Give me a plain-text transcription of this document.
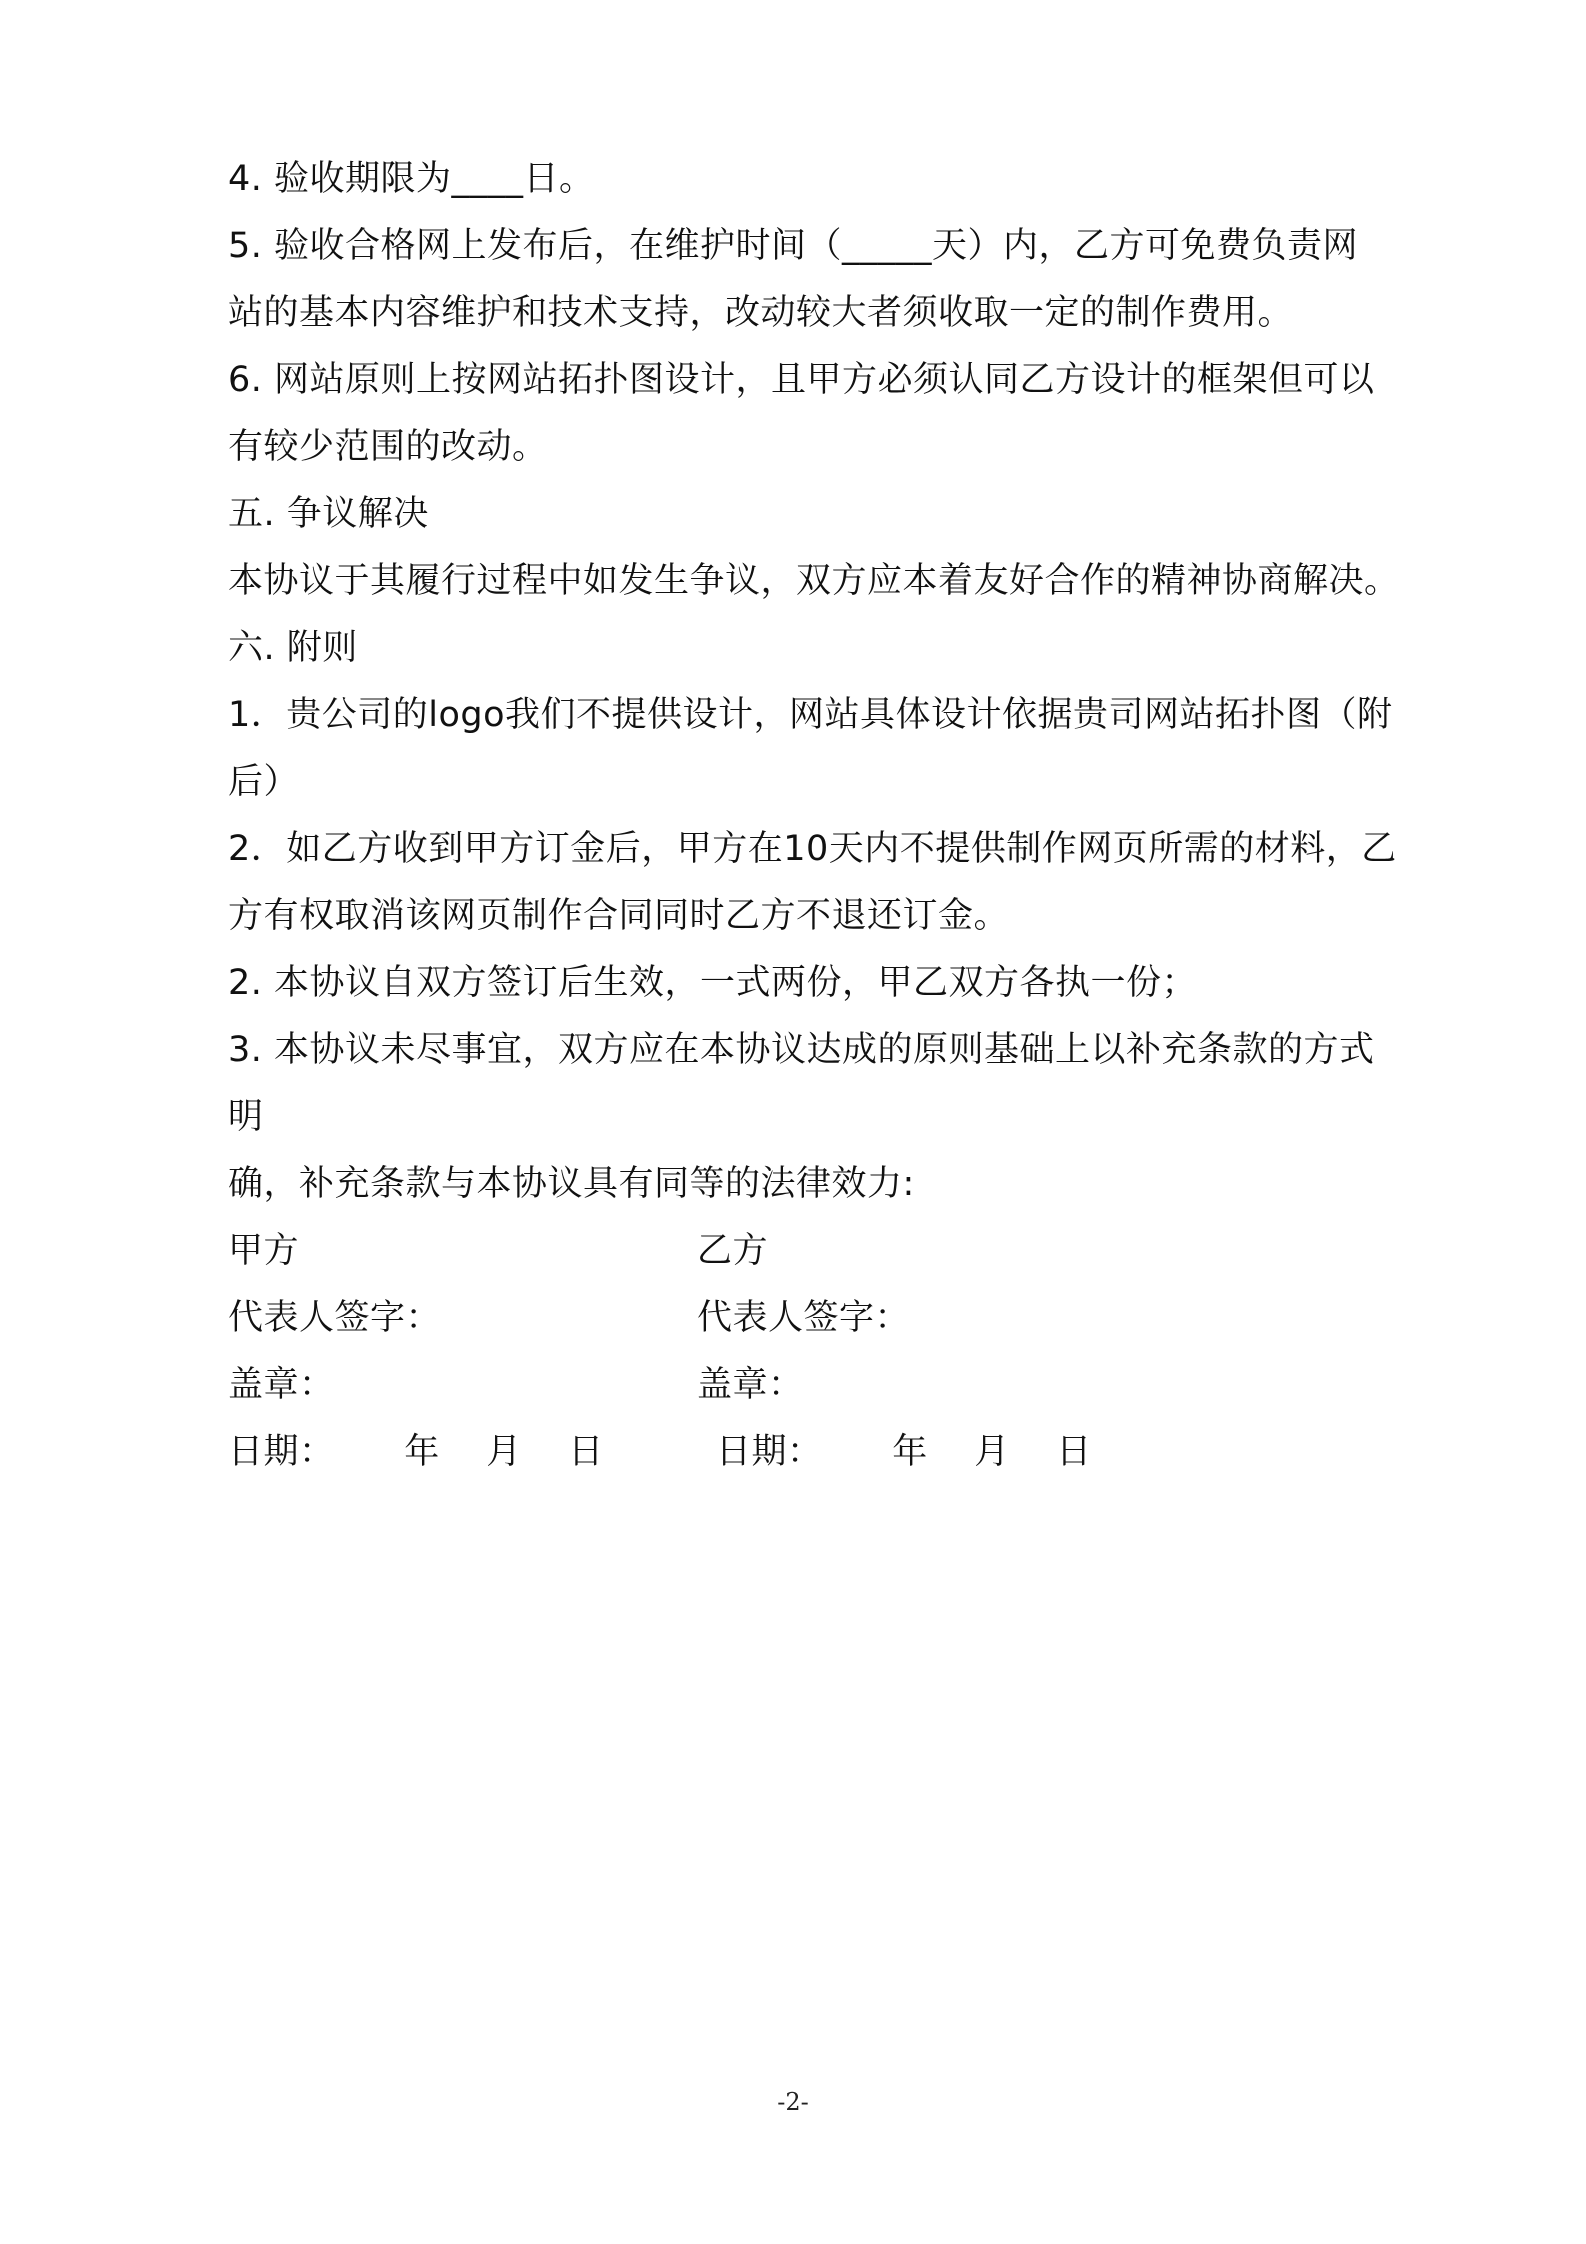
4. 验收期限为____日。
5. 验收合格网上发布后，在维护时间（_____天）内，乙方可免费负责网
站的基本内容维护和技术支持，改动较大者须收取一定的制作费用。
6. 网站原则上按网站拓扑图设计，且甲方必须认同乙方设计的框架但可以
有较少范围的改动。
五. 争议解决
本协议于其履行过程中如发生争议，双方应本着友好合作的精神协商解决。
六. 附则
1．贵公司的logo我们不提供设计，网站具体设计依据贵司网站拓扑图（附
后）
2．如乙方收到甲方订金后，甲方在10天内不提供制作网页所需的材料，乙
方有权取消该网页制作合同同时乙方不退还订金。
2. 本协议自双方签订后生效，一式两份，甲乙双方各执一份；
3. 本协议未尽事宜，双方应在本协议达成的原则基础上以补充条款的方式
明
确，补充条款与本协议具有同等的法律效力:
甲方	乙方
代表人签字：	代表人签字：
盖章：	盖章：
日期：      年    月    日	日期：      年    月    日
-2-
